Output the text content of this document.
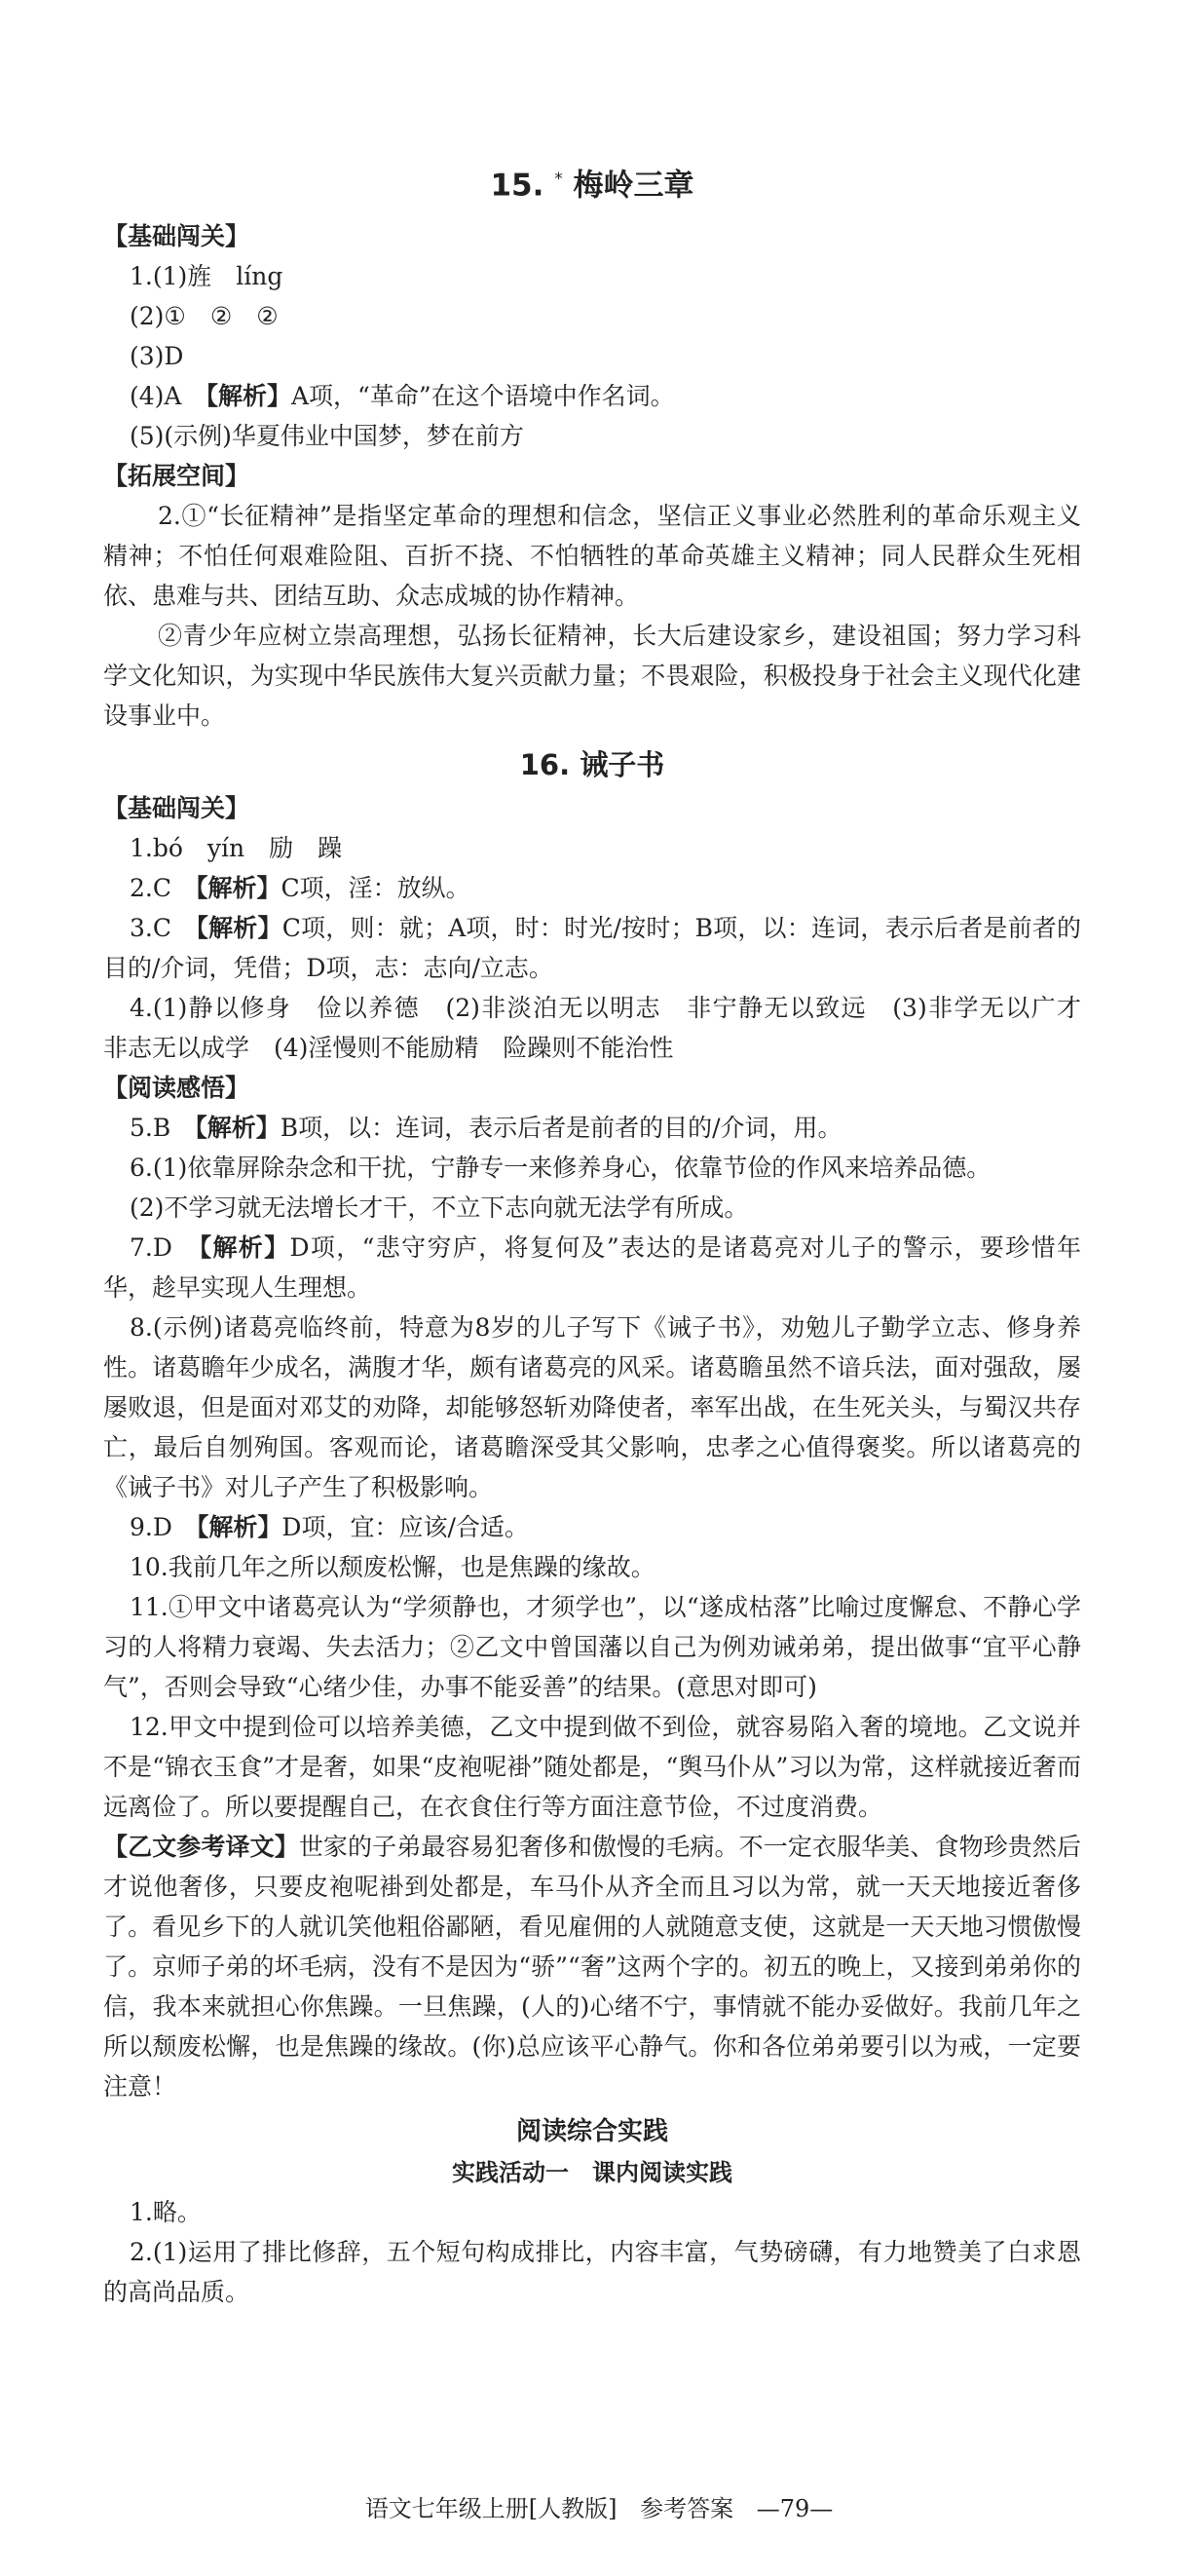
15. * 梅岭三章

【基础闯关】

1.(1)旌　líng

(2)①　②　②

(3)D

(4)A　【解析】A项，“革命”在这个语境中作名词。

(5)(示例)华夏伟业中国梦，梦在前方

【拓展空间】

2.①“长征精神”是指坚定革命的理想和信念，坚信正义事业必然胜利的革命乐观主义精神；不怕任何艰难险阻、百折不挠、不怕牺牲的革命英雄主义精神；同人民群众生死相依、患难与共、团结互助、众志成城的协作精神。

②青少年应树立崇高理想，弘扬长征精神，长大后建设家乡，建设祖国；努力学习科学文化知识，为实现中华民族伟大复兴贡献力量；不畏艰险，积极投身于社会主义现代化建设事业中。

16. 诫子书

【基础闯关】

1.bó　yín　励　躁

2.C　【解析】C项，淫：放纵。

3.C　【解析】C项，则：就；A项，时：时光/按时；B项，以：连词，表示后者是前者的目的/介词，凭借；D项，志：志向/立志。

4.(1)静以修身　俭以养德　(2)非淡泊无以明志　非宁静无以致远　(3)非学无以广才　非志无以成学　(4)淫慢则不能励精　险躁则不能治性

【阅读感悟】

5.B　【解析】B项，以：连词，表示后者是前者的目的/介词，用。

6.(1)依靠屏除杂念和干扰，宁静专一来修养身心，依靠节俭的作风来培养品德。

(2)不学习就无法增长才干，不立下志向就无法学有所成。

7.D　【解析】D项，“悲守穷庐，将复何及”表达的是诸葛亮对儿子的警示，要珍惜年华，趁早实现人生理想。

8.(示例)诸葛亮临终前，特意为8岁的儿子写下《诫子书》，劝勉儿子勤学立志、修身养性。诸葛瞻年少成名，满腹才华，颇有诸葛亮的风采。诸葛瞻虽然不谙兵法，面对强敌，屡屡败退，但是面对邓艾的劝降，却能够怒斩劝降使者，率军出战，在生死关头，与蜀汉共存亡，最后自刎殉国。客观而论，诸葛瞻深受其父影响，忠孝之心值得褒奖。所以诸葛亮的《诫子书》对儿子产生了积极影响。

9.D　【解析】D项，宜：应该/合适。

10.我前几年之所以颓废松懈，也是焦躁的缘故。

11.①甲文中诸葛亮认为“学须静也，才须学也”，以“遂成枯落”比喻过度懈怠、不静心学习的人将精力衰竭、失去活力；②乙文中曾国藩以自己为例劝诫弟弟，提出做事“宜平心静气”，否则会导致“心绪少佳，办事不能妥善”的结果。(意思对即可)

12.甲文中提到俭可以培养美德，乙文中提到做不到俭，就容易陷入奢的境地。乙文说并不是“锦衣玉食”才是奢，如果“皮袍呢褂”随处都是，“舆马仆从”习以为常，这样就接近奢而远离俭了。所以要提醒自己，在衣食住行等方面注意节俭，不过度消费。

【乙文参考译文】世家的子弟最容易犯奢侈和傲慢的毛病。不一定衣服华美、食物珍贵然后才说他奢侈，只要皮袍呢褂到处都是，车马仆从齐全而且习以为常，就一天天地接近奢侈了。看见乡下的人就讥笑他粗俗鄙陋，看见雇佣的人就随意支使，这就是一天天地习惯傲慢了。京师子弟的坏毛病，没有不是因为“骄”“奢”这两个字的。初五的晚上，又接到弟弟你的信，我本来就担心你焦躁。一旦焦躁，(人的)心绪不宁，事情就不能办妥做好。我前几年之所以颓废松懈，也是焦躁的缘故。(你)总应该平心静气。你和各位弟弟要引以为戒，一定要注意！

阅读综合实践
实践活动一　课内阅读实践

1.略。

2.(1)运用了排比修辞，五个短句构成排比，内容丰富，气势磅礴，有力地赞美了白求恩的高尚品质。

语文七年级上册[人教版] 参考答案 —79—
